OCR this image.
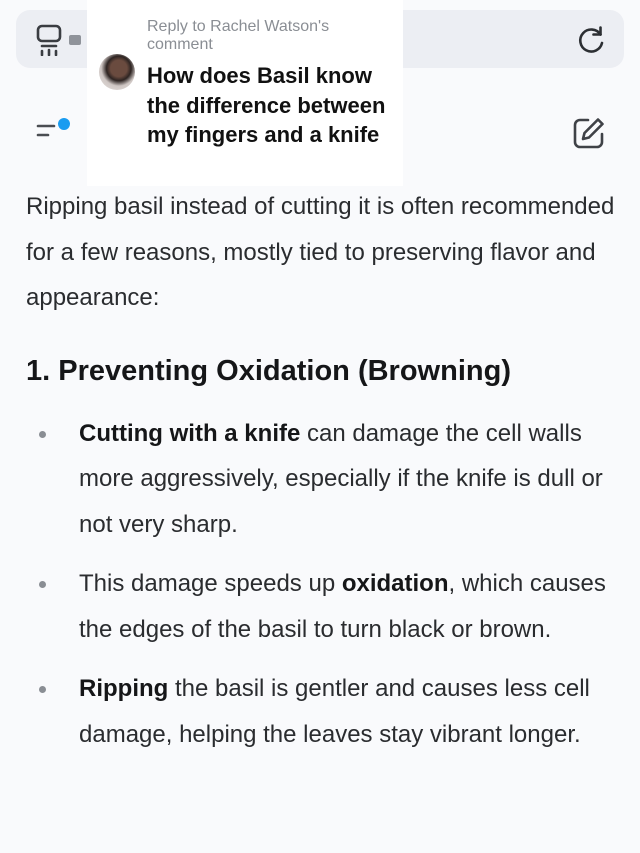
Reply to Rachel Watson's comment
How does Basil know the difference between my fingers and a knife

Ripping basil instead of cutting it is often recommended for a few reasons, mostly tied to preserving flavor and appearance:

1. Preventing Oxidation (Browning)
Cutting with a knife can damage the cell walls more aggressively, especially if the knife is dull or not very sharp.
This damage speeds up oxidation, which causes the edges of the basil to turn black or brown.
Ripping the basil is gentler and causes less cell damage, helping the leaves stay vibrant longer.
